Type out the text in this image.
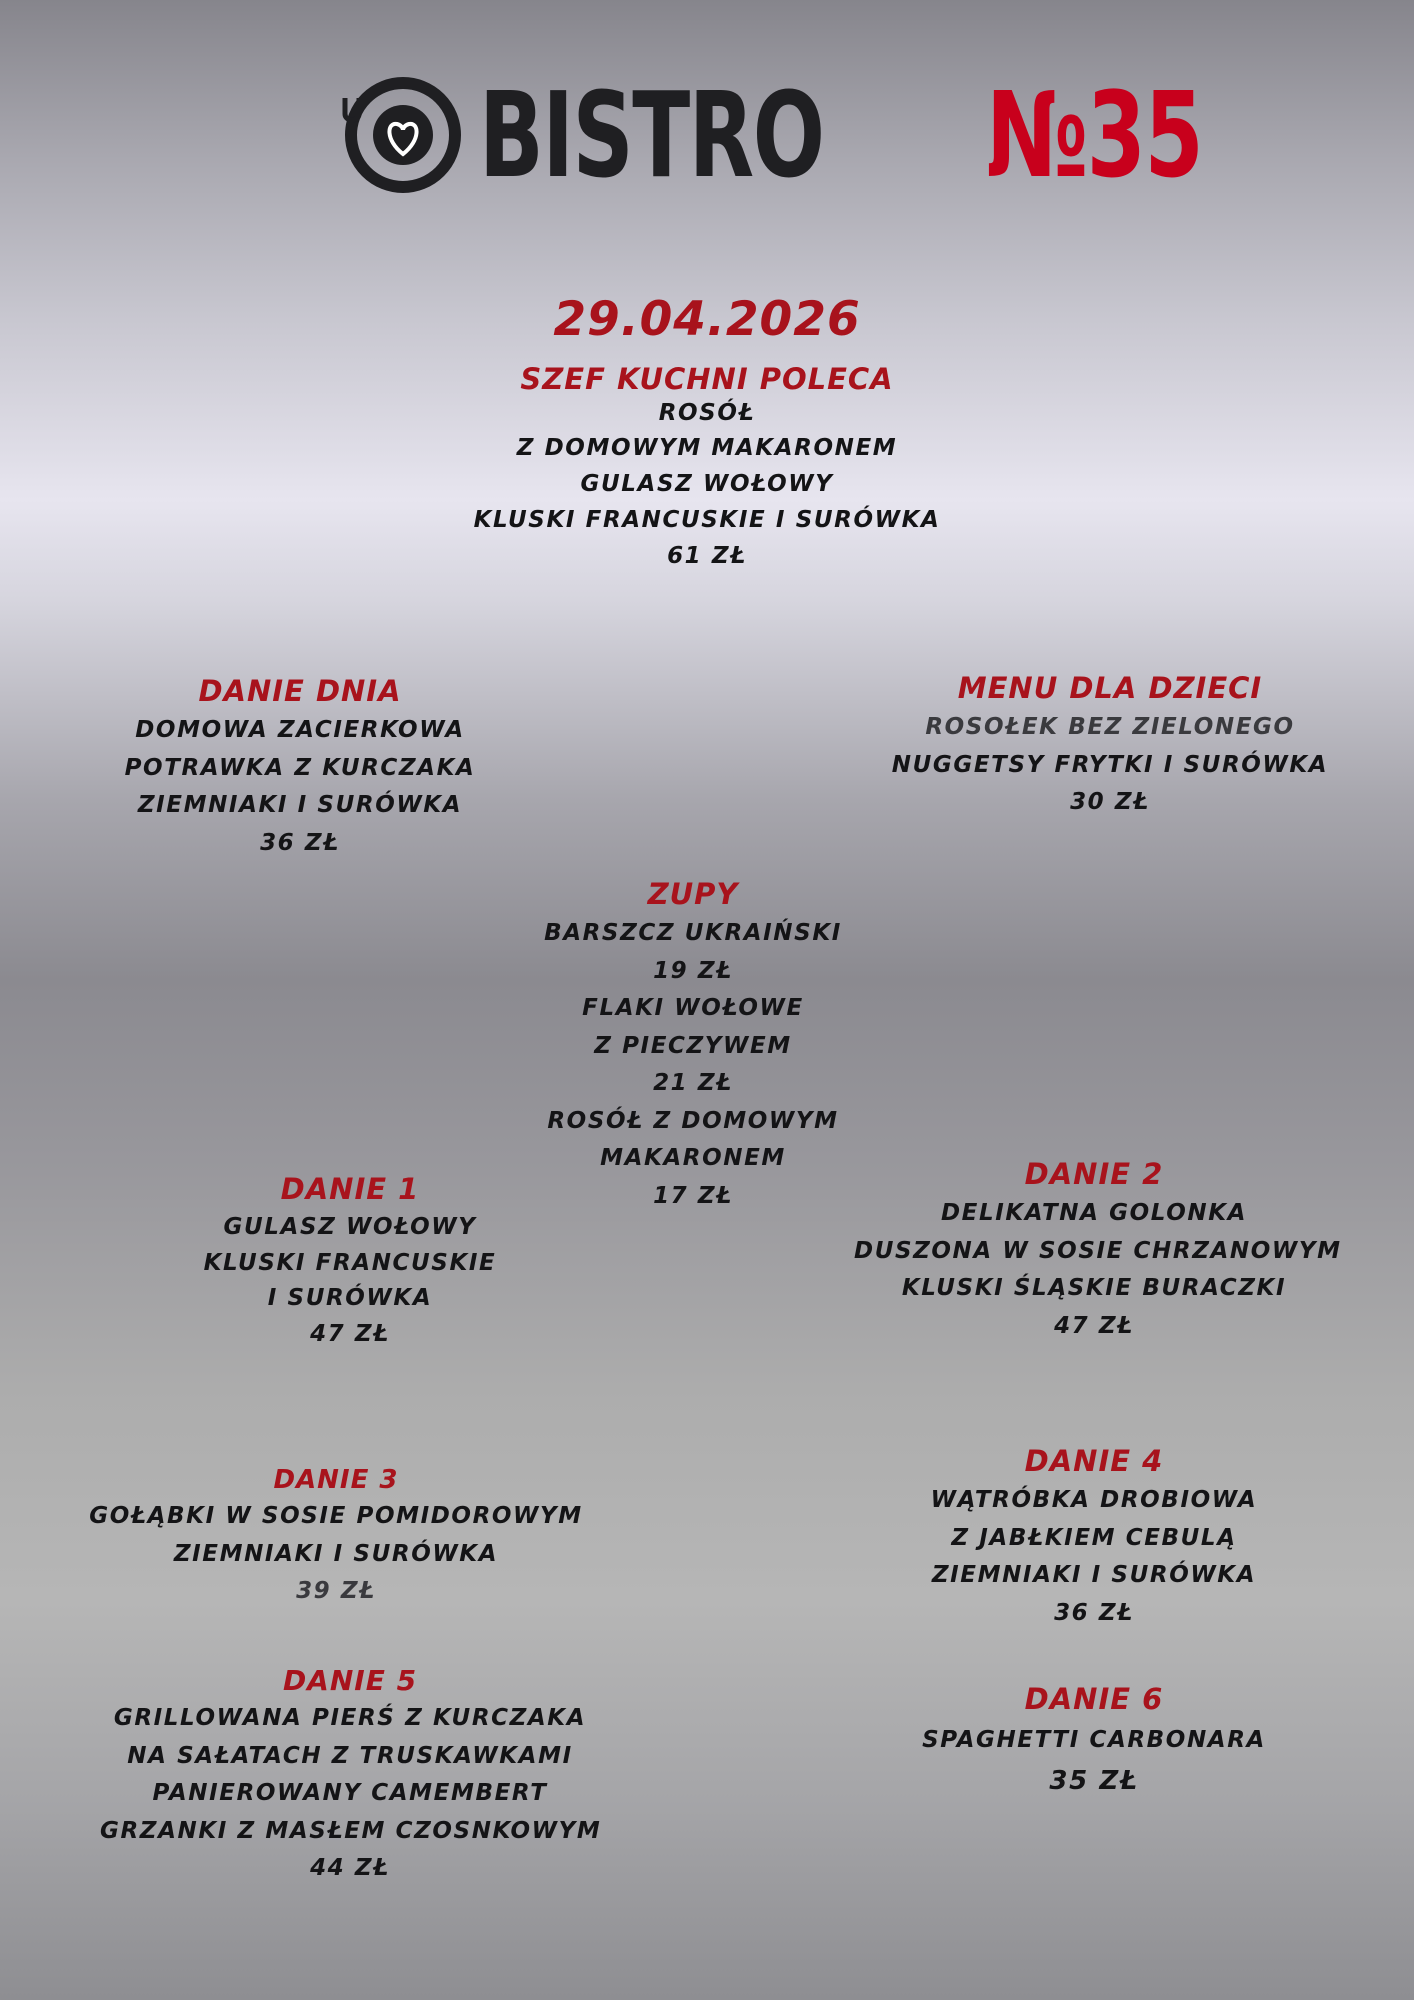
BISTRO №35
29.04.2026
SZEF KUCHNI POLECA
ROSÓŁ
Z DOMOWYM MAKARONEM
GULASZ WOŁOWY
KLUSKI FRANCUSKIE I SURÓWKA
61 ZŁ
DANIE DNIA
DOMOWA ZACIERKOWA
POTRAWKA Z KURCZAKA
ZIEMNIAKI I SURÓWKA
36 ZŁ
MENU DLA DZIECI
ROSOŁEK BEZ ZIELONEGO
NUGGETSY FRYTKI I SURÓWKA
30 ZŁ
ZUPY
BARSZCZ UKRAIŃSKI
19 ZŁ
FLAKI WOŁOWE
Z PIECZYWEM
21 ZŁ
ROSÓŁ Z DOMOWYM
MAKARONEM
17 ZŁ
DANIE 1
GULASZ WOŁOWY
KLUSKI FRANCUSKIE
I SURÓWKA
47 ZŁ
DANIE 2
DELIKATNA GOLONKA
DUSZONA W SOSIE CHRZANOWYM
KLUSKI ŚLĄSKIE BURACZKI
47 ZŁ
DANIE 3
GOŁĄBKI W SOSIE POMIDOROWYM
ZIEMNIAKI I SURÓWKA
39 ZŁ
DANIE 4
WĄTRÓBKA DROBIOWA
Z JABŁKIEM CEBULĄ
ZIEMNIAKI I SURÓWKA
36 ZŁ
DANIE 5
GRILLOWANA PIERŚ Z KURCZAKA
NA SAŁATACH Z TRUSKAWKAMI
PANIEROWANY CAMEMBERT
GRZANKI Z MASŁEM CZOSNKOWYM
44 ZŁ
DANIE 6
SPAGHETTI CARBONARA
35 ZŁ
